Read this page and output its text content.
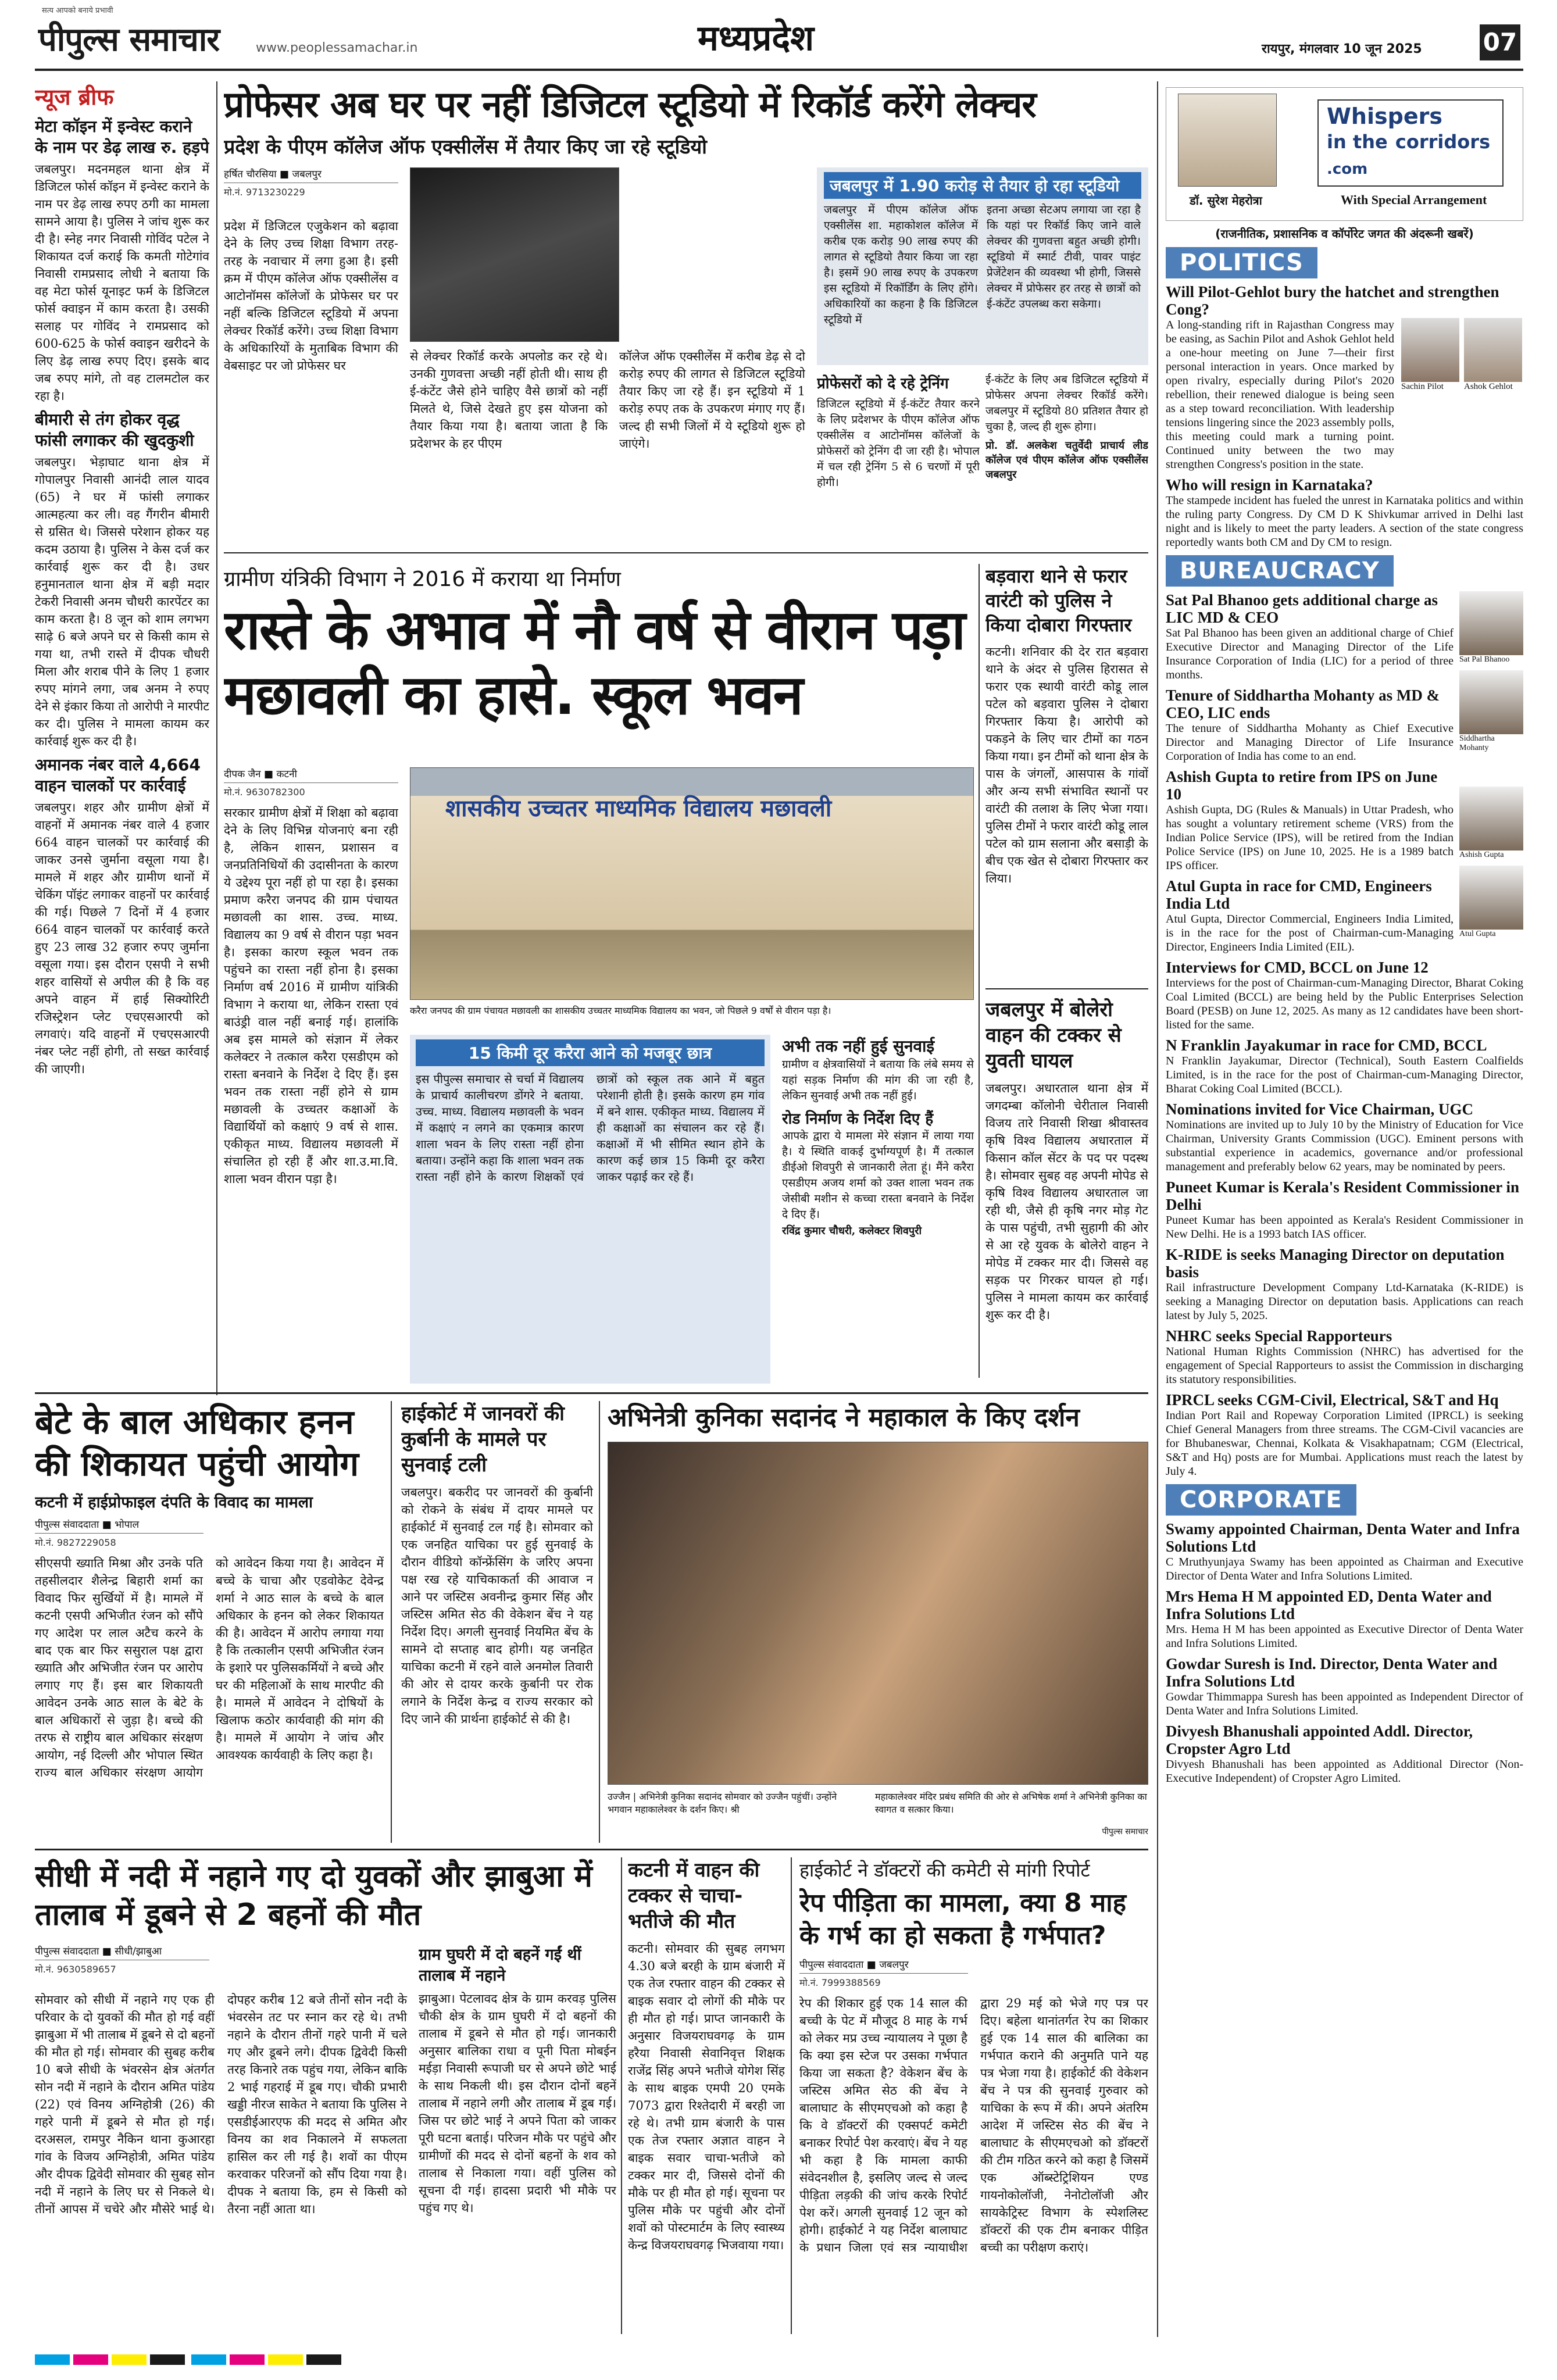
सत्य आपको बनाये प्रभावी
पीपुल्स समाचार	www.peoplessamachar.in	मध्यप्रदेश	रायपुर, मंगलवार 10 जून 2025	07
न्यूज ब्रीफ
मेटा कॉइन में इन्वेस्ट कराने के नाम पर डेढ़ लाख रु. हड़पे
जबलपुर। मदनमहल थाना क्षेत्र में डिजिटल फोर्स कॉइन में इन्वेस्ट कराने के नाम पर डेढ़ लाख रुपए ठगी का मामला सामने आया है। पुलिस ने जांच शुरू कर दी है। स्नेह नगर निवासी गोविंद पटेल ने शिकायत दर्ज कराई कि कमती गोटेगांव निवासी रामप्रसाद लोधी ने बताया कि वह मेटा फोर्स यूनाइट फर्म के डिजिटल फोर्स क्वाइन में काम करता है। उसकी सलाह पर गोविंद ने रामप्रसाद को 600-625 के फोर्स क्वाइन खरीदने के लिए डेढ़ लाख रुपए दिए। इसके बाद जब रुपए मांगे, तो वह टालमटोल कर रहा है।
बीमारी से तंग होकर वृद्ध फांसी लगाकर की खुदकुशी
जबलपुर। भेड़ाघाट थाना क्षेत्र में गोपालपुर निवासी आनंदी लाल यादव (65) ने घर में फांसी लगाकर आत्महत्या कर ली। वह गैंगरीन बीमारी से ग्रसित थे। जिससे परेशान होकर यह कदम उठाया है। पुलिस ने केस दर्ज कर कार्रवाई शुरू कर दी है। उधर हनुमानताल थाना क्षेत्र में बड़ी मदार टेकरी निवासी अनम चौधरी कारपेंटर का काम करता है। 8 जून को शाम लगभग साढ़े 6 बजे अपने घर से किसी काम से गया था, तभी रास्ते में दीपक चौधरी मिला और शराब पीने के लिए 1 हजार रुपए मांगने लगा, जब अनम ने रुपए देने से इंकार किया तो आरोपी ने मारपीट कर दी। पुलिस ने मामला कायम कर कार्रवाई शुरू कर दी है।
अमानक नंबर वाले 4,664 वाहन चालकों पर कार्रवाई
जबलपुर। शहर और ग्रामीण क्षेत्रों में वाहनों में अमानक नंबर वाले 4 हजार 664 वाहन चालकों पर कार्रवाई की जाकर उनसे जुर्माना वसूला गया है। मामले में शहर और ग्रामीण थानों में चेकिंग पॉइंट लगाकर वाहनों पर कार्रवाई की गई। पिछले 7 दिनों में 4 हजार 664 वाहन चालकों पर कार्रवाई करते हुए 23 लाख 32 हजार रुपए जुर्माना वसूला गया। इस दौरान एसपी ने सभी शहर वासियों से अपील की है कि वह अपने वाहन में हाई सिक्योरिटी रजिस्ट्रेशन प्लेट एचएसआरपी को लगवाएं। यदि वाहनों में एचएसआरपी नंबर प्लेट नहीं होगी, तो सख्त कार्रवाई की जाएगी।
प्रोफेसर अब घर पर नहीं डिजिटल स्टूडियो में रिकॉर्ड करेंगे लेक्चर
प्रदेश के पीएम कॉलेज ऑफ एक्सीलेंस में तैयार किए जा रहे स्टूडियो
हर्षित चौरसिया ■ जबलपुर
मो.नं. 9713230229
प्रदेश में डिजिटल एजुकेशन को बढ़ावा देने के लिए उच्च शिक्षा विभाग तरह-तरह के नवाचार में लगा हुआ है। इसी क्रम में पीएम कॉलेज ऑफ एक्सीलेंस व आटोनॉमस कॉलेजों के प्रोफेसर घर पर नहीं बल्कि डिजिटल स्टूडियो में अपना लेक्चर रिकॉर्ड करेंगे। उच्च शिक्षा विभाग के अधिकारियों के मुताबिक विभाग की वेबसाइट पर जो प्रोफेसर घर
से लेक्चर रिकॉर्ड करके अपलोड कर रहे थे। उनकी गुणवत्ता अच्छी नहीं होती थी। साथ ही ई-कंटेंट जैसे होने चाहिए वैसे छात्रों को नहीं मिलते थे, जिसे देखते हुए इस योजना को तैयार किया गया है। बताया जाता है कि प्रदेशभर के हर पीएम
कॉलेज ऑफ एक्सीलेंस में करीब डेढ़ से दो करोड़ रुपए की लागत से डिजिटल स्टूडियो तैयार किए जा रहे हैं। इन स्टूडियो में 1 करोड़ रुपए तक के उपकरण मंगाए गए हैं। जल्द ही सभी जिलों में ये स्टूडियो शुरू हो जाएंगे।
जबलपुर में 1.90 करोड़ से तैयार हो रहा स्टूडियो
जबलपुर में पीएम कॉलेज ऑफ एक्सीलेंस शा. महाकोशल कॉलेज में करीब एक करोड़ 90 लाख रुपए की लागत से स्टूडियो तैयार किया जा रहा है। इसमें 90 लाख रुपए के उपकरण इस स्टूडियो में रिकॉर्डिंग के लिए होंगे। अधिकारियों का कहना है कि डिजिटल स्टूडियो में
इतना अच्छा सेटअप लगाया जा रहा है कि यहां पर रिकॉर्ड किए जाने वाले लेक्चर की गुणवत्ता बहुत अच्छी होगी। स्टूडियो में स्मार्ट टीवी, पावर पाइंट प्रेजेंटेशन की व्यवस्था भी होगी, जिससे लेक्चर में प्रोफेसर हर तरह से छात्रों को ई-कंटेंट उपलब्ध करा सकेगा।
प्रोफेसरों को दे रहे ट्रेनिंग
डिजिटल स्टूडियो में ई-कंटेंट तैयार करने के लिए प्रदेशभर के पीएम कॉलेज ऑफ एक्सीलेंस व आटोनॉमस कॉलेजों के प्रोफेसरों को ट्रेनिंग दी जा रही है। भोपाल में चल रही ट्रेनिंग 5 से 6 चरणों में पूरी होगी।
ई-कंटेंट के लिए अब डिजिटल स्टूडियो में प्रोफेसर अपना लेक्चर रिकॉर्ड करेंगे। जबलपुर में स्टूडियो 80 प्रतिशत तैयार हो चुका है, जल्द ही शुरू होगा।
प्रो. डॉ. अलकेश चतुर्वेदी प्राचार्य लीड कॉलेज एवं पीएम कॉलेज ऑफ एक्सीलेंस जबलपुर
ग्रामीण यंत्रिकी विभाग ने 2016 में कराया था निर्माण
रास्ते के अभाव में नौ वर्ष से वीरान पड़ा मछावली का हासे. स्कूल भवन
दीपक जैन ■ कटनी
मो.नं. 9630782300
सरकार ग्रामीण क्षेत्रों में शिक्षा को बढ़ावा देने के लिए विभिन्न योजनाएं बना रही है, लेकिन शासन, प्रशासन व जनप्रतिनिधियों की उदासीनता के कारण ये उद्देश्य पूरा नहीं हो पा रहा है। इसका प्रमाण करैरा जनपद की ग्राम पंचायत मछावली का शास. उच्च. माध्य. विद्यालय का 9 वर्ष से वीरान पड़ा भवन है। इसका कारण स्कूल भवन तक पहुंचने का रास्ता नहीं होना है। इसका निर्माण वर्ष 2016 में ग्रामीण यांत्रिकी विभाग ने कराया था, लेकिन रास्ता एवं बाउंड्री वाल नहीं बनाई गई। हालांकि अब इस मामले को संज्ञान में लेकर कलेक्टर ने तत्काल करैरा एसडीएम को रास्ता बनवाने के निर्देश दे दिए हैं। इस भवन तक रास्ता नहीं होने से ग्राम मछावली के उच्चतर कक्षाओं के विद्यार्थियों को कक्षाएं 9 वर्ष से शास. एकीकृत माध्य. विद्यालय मछावली में संचालित हो रही हैं और शा.उ.मा.वि. शाला भवन वीरान पड़ा है।
शासकीय उच्चतर माध्यमिक विद्यालय मछावली
करैरा जनपद की ग्राम पंचायत मछावली का शासकीय उच्चतर माध्यमिक विद्यालय का भवन, जो पिछले 9 वर्षों से वीरान पड़ा है।
15 किमी दूर करैरा आने को मजबूर छात्र
इस पीपुल्स समाचार से चर्चा में विद्यालय के प्राचार्य कालीचरण डोंगरे ने बताया. उच्च. माध्य. विद्यालय मछावली के भवन में कक्षाएं न लगने का एकमात्र कारण शाला भवन के लिए रास्ता नहीं होना बताया। उन्होंने कहा कि शाला भवन तक रास्ता नहीं होने के कारण शिक्षकों एवं छात्रों को स्कूल तक आने में बहुत परेशानी होती है। इसके कारण हम गांव में बने शास. एकीकृत माध्य. विद्यालय में ही कक्षाओं का संचालन कर रहे हैं। कक्षाओं में भी सीमित स्थान होने के कारण कई छात्र 15 किमी दूर करैरा जाकर पढ़ाई कर रहे हैं।
अभी तक नहीं हुई सुनवाई
ग्रामीण व क्षेत्रवासियों ने बताया कि लंबे समय से यहां सड़क निर्माण की मांग की जा रही है, लेकिन सुनवाई अभी तक नहीं हुई।
रोड निर्माण के निर्देश दिए हैं
आपके द्वारा ये मामला मेरे संज्ञान में लाया गया है। ये स्थिति वाकई दुर्भाग्यपूर्ण है। मैं तत्काल डीईओ शिवपुरी से जानकारी लेता हूं। मैंने करैरा एसडीएम अजय शर्मा को उक्त शाला भवन तक जेसीबी मशीन से कच्चा रास्ता बनवाने के निर्देश दे दिए हैं।
रविंद्र कुमार चौधरी, कलेक्टर शिवपुरी
बड़वारा थाने से फरार वारंटी को पुलिस ने किया दोबारा गिरफ्तार
कटनी। शनिवार की देर रात बड़वारा थाने के अंदर से पुलिस हिरासत से फरार एक स्थायी वारंटी कोडू लाल पटेल को बड़वारा पुलिस ने दोबारा गिरफ्तार किया है। आरोपी को पकड़ने के लिए चार टीमों का गठन किया गया। इन टीमों को थाना क्षेत्र के पास के जंगलों, आसपास के गांवों और अन्य सभी संभावित स्थानों पर वारंटी की तलाश के लिए भेजा गया। पुलिस टीमों ने फरार वारंटी कोडू लाल पटेल को ग्राम सलाना और बसाड़ी के बीच एक खेत से दोबारा गिरफ्तार कर लिया।
जबलपुर में बोलेरो वाहन की टक्कर से युवती घायल
जबलपुर। अधारताल थाना क्षेत्र में जगदम्बा कॉलोनी चेरीताल निवासी विजय तारे निवासी शिखा श्रीवास्तव कृषि विश्व विद्यालय अधारताल में किसान कॉल सेंटर के पद पर पदस्थ है। सोमवार सुबह वह अपनी मोपेड से कृषि विश्व विद्यालय अधारताल जा रही थी, जैसे ही कृषि नगर मोड़ गेट के पास पहुंची, तभी सुहागी की ओर से आ रहे युवक के बोलेरो वाहन ने मोपेड में टक्कर मार दी। जिससे वह सड़क पर गिरकर घायल हो गई। पुलिस ने मामला कायम कर कार्रवाई शुरू कर दी है।
बेटे के बाल अधिकार हनन की शिकायत पहुंची आयोग
कटनी में हाईप्रोफाइल दंपति के विवाद का मामला
पीपुल्स संवाददाता ■ भोपाल
मो.नं. 9827229058
सीएसपी ख्याति मिश्रा और उनके पति तहसीलदार शैलेन्द्र बिहारी शर्मा का विवाद फिर सुर्खियों में है। मामले में कटनी एसपी अभिजीत रंजन को सौंपे गए आदेश पर लाल अटैच करने के बाद एक बार फिर ससुराल पक्ष द्वारा ख्याति और अभिजीत रंजन पर आरोप लगाए गए हैं। इस बार शिकायती आवेदन उनके आठ साल के बेटे के बाल अधिकारों से जुड़ा है। बच्चे की तरफ से राष्ट्रीय बाल अधिकार संरक्षण आयोग, नई दिल्ली और भोपाल स्थित राज्य बाल अधिकार संरक्षण आयोग को आवेदन किया गया है। आवेदन में बच्चे के चाचा और एडवोकेट देवेन्द्र शर्मा ने आठ साल के बच्चे के बाल अधिकार के हनन को लेकर शिकायत की है। आवेदन में आरोप लगाया गया है कि तत्कालीन एसपी अभिजीत रंजन के इशारे पर पुलिसकर्मियों ने बच्चे और घर की महिलाओं के साथ मारपीट की है। मामले में आवेदन ने दोषियों के खिलाफ कठोर कार्यवाही की मांग की है। मामले में आयोग ने जांच और आवश्यक कार्यवाही के लिए कहा है।
हाईकोर्ट में जानवरों की कुर्बानी के मामले पर सुनवाई टली
जबलपुर। बकरीद पर जानवरों की कुर्बानी को रोकने के संबंध में दायर मामले पर हाईकोर्ट में सुनवाई टल गई है। सोमवार को एक जनहित याचिका पर हुई सुनवाई के दौरान वीडियो कॉन्फ्रेंसिंग के जरिए अपना पक्ष रख रहे याचिकाकर्ता की आवाज न आने पर जस्टिस अवनीन्द्र कुमार सिंह और जस्टिस अमित सेठ की वेकेशन बेंच ने यह निर्देश दिए। अगली सुनवाई नियमित बेंच के सामने दो सप्ताह बाद होगी। यह जनहित याचिका कटनी में रहने वाले अनमोल तिवारी की ओर से दायर करके कुर्बानी पर रोक लगाने के निर्देश केन्द्र व राज्य सरकार को दिए जाने की प्रार्थना हाईकोर्ट से की है।
अभिनेत्री कुनिका सदानंद ने महाकाल के किए दर्शन
उज्जैन | अभिनेत्री कुनिका सदानंद सोमवार को उज्जैन पहुंचीं। उन्होंने भगवान महाकालेश्वर के दर्शन किए। श्री
महाकालेश्वर मंदिर प्रबंध समिति की ओर से अभिषेक शर्मा ने अभिनेत्री कुनिका का स्वागत व सत्कार किया।
पीपुल्स समाचार
सीधी में नदी में नहाने गए दो युवकों और झाबुआ में तालाब में डूबने से 2 बहनों की मौत
पीपुल्स संवाददाता ■ सीधी/झाबुआ
मो.नं. 9630589657
सोमवार को सीधी में नहाने गए एक ही परिवार के दो युवकों की मौत हो गई वहीं झाबुआ में भी तालाब में डूबने से दो बहनों की मौत हो गई। सोमवार की सुबह करीब 10 बजे सीधी के भंवरसेन क्षेत्र अंतर्गत सोन नदी में नहाने के दौरान अमित पांडेय (22) एवं विनय अग्निहोत्री (26) की गहरे पानी में डूबने से मौत हो गई। दरअसल, रामपुर नैकिन थाना कुआरहा गांव के विजय अग्निहोत्री, अमित पांडेय और दीपक द्विवेदी सोमवार की सुबह सोन नदी में नहाने के लिए घर से निकले थे। तीनों आपस में चचेरे और मौसेरे भाई थे। दोपहर करीब 12 बजे तीनों सोन नदी के भंवरसेन तट पर स्नान कर रहे थे। तभी नहाने के दौरान तीनों गहरे पानी में चले गए और डूबने लगे। दीपक द्विवेदी किसी तरह किनारे तक पहुंच गया, लेकिन बाकि 2 भाई गहराई में डूब गए। चौकी प्रभारी खड्डी नीरज साकेत ने बताया कि पुलिस ने एसडीईआरएफ की मदद से अमित और विनय का शव निकालने में सफलता हासिल कर ली गई है। शवों का पीएम करवाकर परिजनों को सौंप दिया गया है। दीपक ने बताया कि, हम से किसी को तैरना नहीं आता था।
ग्राम घुघरी में दो बहनें गईं थीं तालाब में नहाने
झाबुआ। पेटलावद क्षेत्र के ग्राम करवड़ पुलिस चौकी क्षेत्र के ग्राम घुघरी में दो बहनों की तालाब में डूबने से मौत हो गई। जानकारी अनुसार बालिका राधा व पूनी पिता मोबईन मईड़ा निवासी रूपाजी घर से अपने छोटे भाई के साथ निकली थी। इस दौरान दोनों बहनें तालाब में नहाने लगी और तालाब में डूब गई। जिस पर छोटे भाई ने अपने पिता को जाकर पूरी घटना बताई। परिजन मौके पर पहुंचे और ग्रामीणों की मदद से दोनों बहनों के शव को तालाब से निकाला गया। वहीं पुलिस को सूचना दी गई। हादसा प्रदारी भी मौके पर पहुंच गए थे।
कटनी में वाहन की टक्कर से चाचा-भतीजे की मौत
कटनी। सोमवार की सुबह लगभग 4.30 बजे बरही के ग्राम बंजारी में एक तेज रफ्तार वाहन की टक्कर से बाइक सवार दो लोगों की मौके पर ही मौत हो गई। प्राप्त जानकारी के अनुसार विजयराघवगढ़ के ग्राम हरैया निवासी सेवानिवृत्त शिक्षक राजेंद्र सिंह अपने भतीजे योगेश सिंह के साथ बाइक एमपी 20 एमके 7073 द्वारा रिश्तेदारी में बरही जा रहे थे। तभी ग्राम बंजारी के पास एक तेज रफ्तार अज्ञात वाहन ने बाइक सवार चाचा-भतीजे को टक्कर मार दी, जिससे दोनों की मौके पर ही मौत हो गई। सूचना पर पुलिस मौके पर पहुंची और दोनों शवों को पोस्टमार्टम के लिए स्वास्थ्य केन्द्र विजयराघवगढ़ भिजवाया गया।
हाईकोर्ट ने डॉक्टरों की कमेटी से मांगी रिपोर्ट
रेप पीड़िता का मामला, क्या 8 माह के गर्भ का हो सकता है गर्भपात?
पीपुल्स संवाददाता ■ जबलपुर
मो.नं. 7999388569
रेप की शिकार हुई एक 14 साल की बच्ची के पेट में मौजूद 8 माह के गर्भ को लेकर मप्र उच्च न्यायालय ने पूछा है कि क्या इस स्टेज पर उसका गर्भपात किया जा सकता है? वेकेशन बेंच के जस्टिस अमित सेठ की बेंच ने बालाघाट के सीएमएचओ को कहा है कि वे डॉक्टरों की एक्सपर्ट कमेटी बनाकर रिपोर्ट पेश करवाएं। बेंच ने यह भी कहा है कि मामला काफी संवेदनशील है, इसलिए जल्द से जल्द पीड़िता लड़की की जांच करके रिपोर्ट पेश करें। अगली सुनवाई 12 जून को होगी। हाईकोर्ट ने यह निर्देश बालाघाट के प्रधान जिला एवं सत्र न्यायाधीश द्वारा 29 मई को भेजे गए पत्र पर दिए। बहेला थानांतर्गत रेप का शिकार हुई एक 14 साल की बालिका का गर्भपात कराने की अनुमति पाने यह पत्र भेजा गया है। हाईकोर्ट की वेकेशन बेंच ने पत्र की सुनवाई गुरुवार को याचिका के रूप में की। अपने अंतरिम आदेश में जस्टिस सेठ की बेंच ने बालाघाट के सीएमएचओ को डॉक्टरों की टीम गठित करने को कहा है जिसमें एक ऑब्स्टेट्रिशियन एण्ड गायनोकोलॉजी, नेनोटोलॉजी और सायकेट्रिस्ट विभाग के स्पेशलिस्ट डॉक्टरों की एक टीम बनाकर पीड़ित बच्ची का परीक्षण कराएं।
Whispers
in the corridors
.com
डॉ. सुरेश मेहरोत्रा	With Special Arrangement
(राजनीतिक, प्रशासनिक व कॉर्पोरेट जगत की अंदरूनी खबरें)
POLITICS
Will Pilot-Gehlot bury the hatchet and strengthen Cong?
A long-standing rift in Rajasthan Congress may be easing, as Sachin Pilot and Ashok Gehlot held a one-hour meeting on June 7—their first personal interaction in years. Once marked by open rivalry, especially during Pilot's 2020 rebellion, their renewed dialogue is being seen as a step toward reconciliation. With leadership tensions lingering since the 2023 assembly polls, this meeting could mark a turning point. Continued unity between the two may strengthen Congress's position in the state.
Sachin Pilot	Ashok Gehlot
Who will resign in Karnataka?
The stampede incident has fueled the unrest in Karnataka politics and within the ruling party Congress. Dy CM D K Shivkumar arrived in Delhi last night and is likely to meet the party leaders. A section of the state congress reportedly wants both CM and Dy CM to resign.
BUREAUCRACY
Sat Pal Bhanoo gets additional charge as LIC MD & CEO
Sat Pal Bhanoo has been given an additional charge of Chief Executive Director and Managing Director of the Life Insurance Corporation of India (LIC) for a period of three months.
Tenure of Siddhartha Mohanty as MD & CEO, LIC ends
The tenure of Siddhartha Mohanty as Chief Executive Director and Managing Director of Life Insurance Corporation of India has come to an end.
Sat Pal Bhanoo
Siddhartha Mohanty
Ashish Gupta to retire from IPS on June 10
Ashish Gupta, DG (Rules & Manuals) in Uttar Pradesh, who has sought a voluntary retirement scheme (VRS) from the Indian Police Service (IPS), will be retired from the Indian Police Service (IPS) on June 10, 2025. He is a 1989 batch IPS officer.
Atul Gupta in race for CMD, Engineers India Ltd
Atul Gupta, Director Commercial, Engineers India Limited, is in the race for the post of Chairman-cum-Managing Director, Engineers India Limited (EIL).
Ashish Gupta
Atul Gupta
Interviews for CMD, BCCL on June 12
Interviews for the post of Chairman-cum-Managing Director, Bharat Coking Coal Limited (BCCL) are being held by the Public Enterprises Selection Board (PESB) on June 12, 2025. As many as 12 candidates have been short-listed for the same.
N Franklin Jayakumar in race for CMD, BCCL
N Franklin Jayakumar, Director (Technical), South Eastern Coalfields Limited, is in the race for the post of Chairman-cum-Managing Director, Bharat Coking Coal Limited (BCCL).
Nominations invited for Vice Chairman, UGC
Nominations are invited up to July 10 by the Ministry of Education for Vice Chairman, University Grants Commission (UGC). Eminent persons with substantial experience in academics, governance and/or professional management and preferably below 62 years, may be nominated by peers.
Puneet Kumar is Kerala's Resident Commissioner in Delhi
Puneet Kumar has been appointed as Kerala's Resident Commissioner in New Delhi. He is a 1993 batch IAS officer.
K-RIDE is seeks Managing Director on deputation basis
Rail infrastructure Development Company Ltd-Karnataka (K-RIDE) is seeking a Managing Director on deputation basis. Applications can reach latest by July 5, 2025.
NHRC seeks Special Rapporteurs
National Human Rights Commission (NHRC) has advertised for the engagement of Special Rapporteurs to assist the Commission in discharging its statutory responsibilities.
IPRCL seeks CGM-Civil, Electrical, S&T and Hq
Indian Port Rail and Ropeway Corporation Limited (IPRCL) is seeking Chief General Managers from three streams. The CGM-Civil vacancies are for Bhubaneswar, Chennai, Kolkata & Visakhapatnam; CGM (Electrical, S&T and Hq) posts are for Mumbai. Applications must reach the latest by July 4.
CORPORATE
Swamy appointed Chairman, Denta Water and Infra Solutions Ltd
C Mruthyunjaya Swamy has been appointed as Chairman and Executive Director of Denta Water and Infra Solutions Limited.
Mrs Hema H M appointed ED, Denta Water and Infra Solutions Ltd
Mrs. Hema H M has been appointed as Executive Director of Denta Water and Infra Solutions Limited.
Gowdar Suresh is Ind. Director, Denta Water and Infra Solutions Ltd
Gowdar Thimmappa Suresh has been appointed as Independent Director of Denta Water and Infra Solutions Limited.
Divyesh Bhanushali appointed Addl. Director, Cropster Agro Ltd
Divyesh Bhanushali has been appointed as Additional Director (Non-Executive Independent) of Cropster Agro Limited.
